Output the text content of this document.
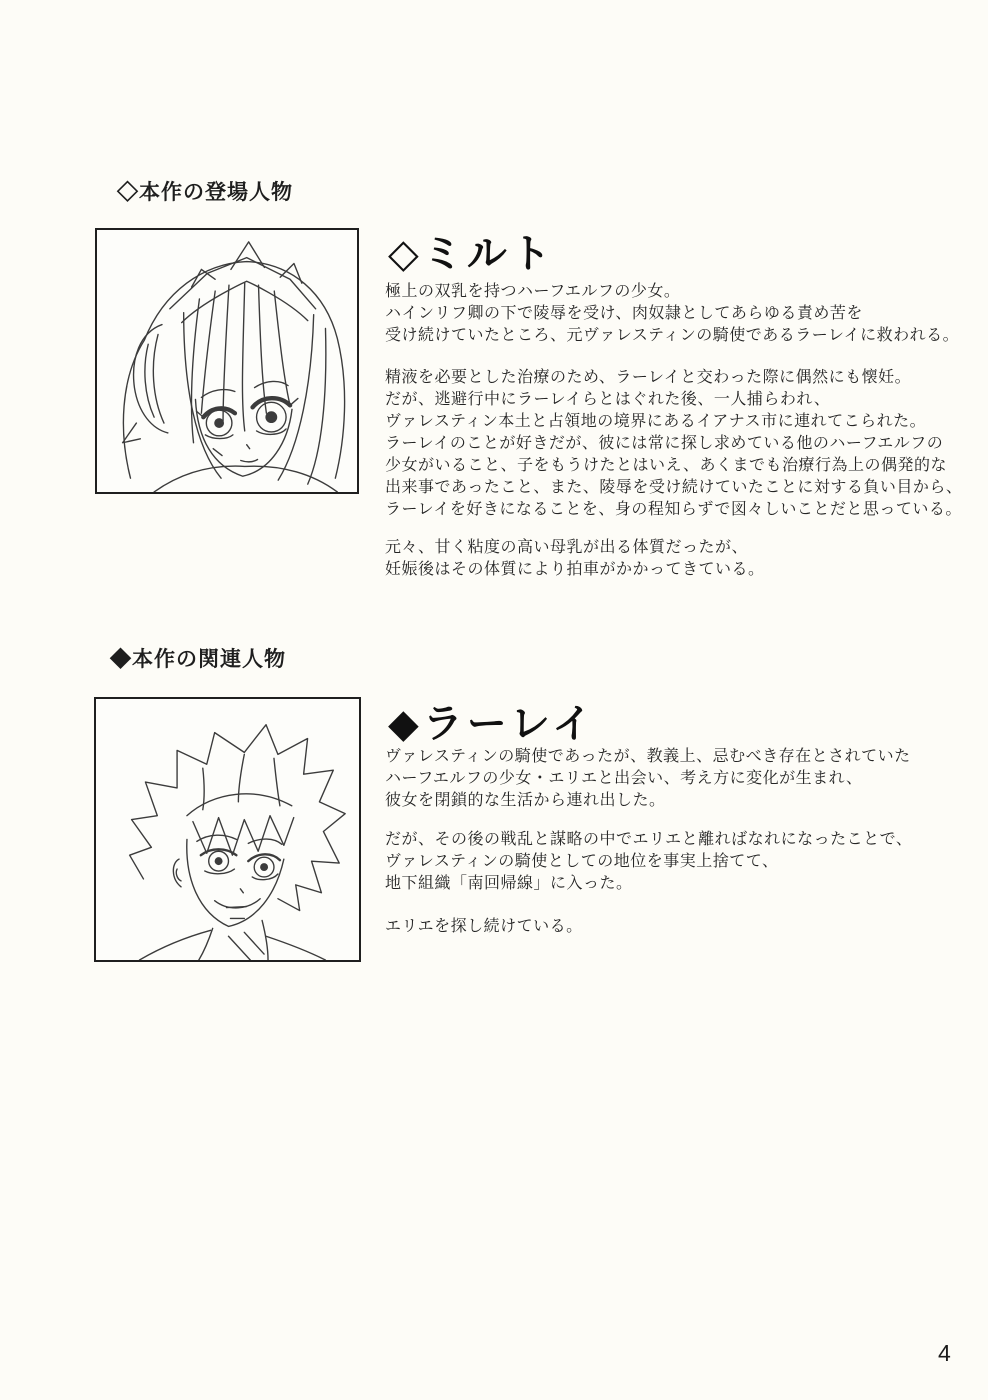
◇本作の登場人物
◇ミルト
極上の双乳を持つハーフエルフの少女。
ハインリフ卿の下で陵辱を受け、肉奴隷としてあらゆる責め苦を
受け続けていたところ、元ヴァレスティンの騎使であるラーレイに救われる。
精液を必要とした治療のため、ラーレイと交わった際に偶然にも懐妊。
だが、逃避行中にラーレイらとはぐれた後、一人捕らわれ、
ヴァレスティン本土と占領地の境界にあるイアナス市に連れてこられた。
ラーレイのことが好きだが、彼には常に探し求めている他のハーフエルフの
少女がいること、子をもうけたとはいえ、あくまでも治療行為上の偶発的な
出来事であったこと、また、陵辱を受け続けていたことに対する負い目から、
ラーレイを好きになることを、身の程知らずで図々しいことだと思っている。
元々、甘く粘度の高い母乳が出る体質だったが、
妊娠後はその体質により拍車がかかってきている。
◆本作の関連人物
◆ラーレイ
ヴァレスティンの騎使であったが、教義上、忌むべき存在とされていた
ハーフエルフの少女・エリエと出会い、考え方に変化が生まれ、
彼女を閉鎖的な生活から連れ出した。
だが、その後の戦乱と謀略の中でエリエと離ればなれになったことで、
ヴァレスティンの騎使としての地位を事実上捨てて、
地下組織「南回帰線」に入った。
エリエを探し続けている。
4
